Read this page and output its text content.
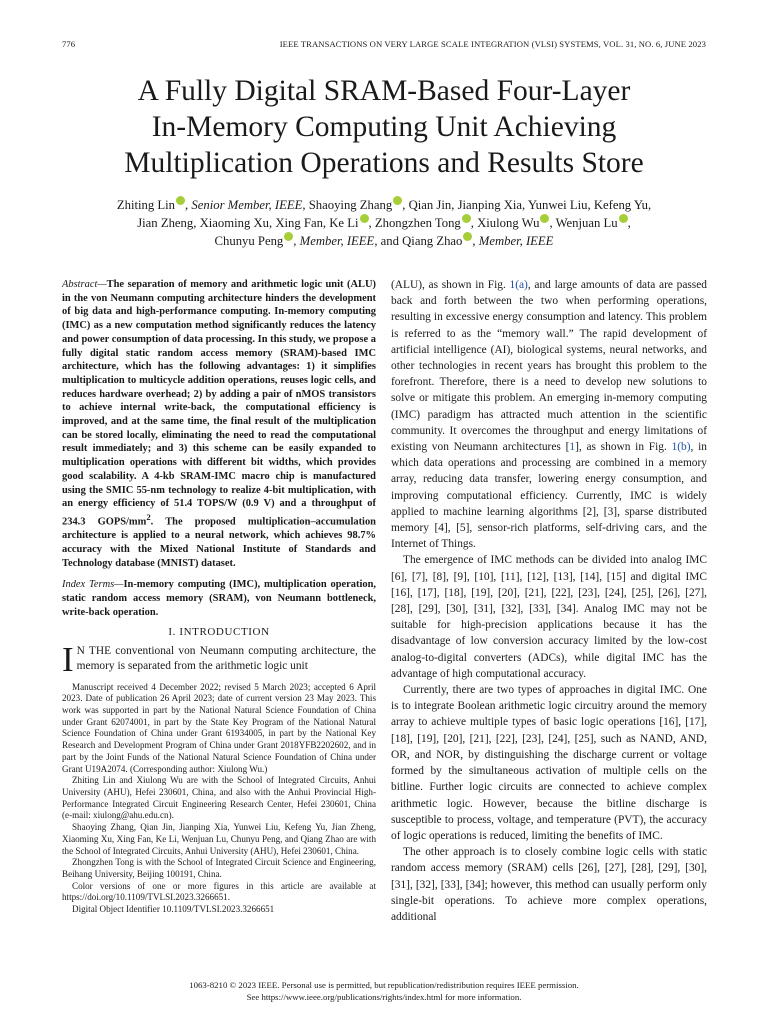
776	IEEE TRANSACTIONS ON VERY LARGE SCALE INTEGRATION (VLSI) SYSTEMS, VOL. 31, NO. 6, JUNE 2023
A Fully Digital SRAM-Based Four-Layer
In-Memory Computing Unit Achieving
Multiplication Operations and Results Store
Zhiting Lin , Senior Member, IEEE, Shaoying Zhang , Qian Jin, Jianping Xia, Yunwei Liu, Kefeng Yu,
Jian Zheng, Xiaoming Xu, Xing Fan, Ke Li , Zhongzhen Tong , Xiulong Wu , Wenjuan Lu ,
Chunyu Peng , Member, IEEE, and Qiang Zhao , Member, IEEE
Abstract—The separation of memory and arithmetic logic unit (ALU) in the von Neumann computing architecture hinders the development of big data and high-performance computing. In-memory computing (IMC) as a new computation method significantly reduces the latency and power consumption of data processing. In this study, we propose a fully digital static random access memory (SRAM)-based IMC architecture, which has the following advantages: 1) it simplifies multiplication to multicycle addition operations, reuses logic cells, and reduces hardware overhead; 2) by adding a pair of nMOS transistors to achieve internal write-back, the computational efficiency is improved, and at the same time, the final result of the multiplication can be stored locally, eliminating the need to read the computational result immediately; and 3) this scheme can be easily expanded to multiplication operations with different bit widths, which provides good scalability. A 4-kb SRAM-IMC macro chip is manufactured using the SMIC 55-nm technology to realize 4-bit multiplication, with an energy efficiency of 51.4 TOPS/W (0.9 V) and a throughput of 234.3 GOPS/$mm^2$. The proposed multiplication–accumulation architecture is applied to a neural network, which achieves 98.7% accuracy with the Mixed National Institute of Standards and Technology database (MNIST) dataset.
Index Terms—In-memory computing (IMC), multiplication operation, static random access memory (SRAM), von Neumann bottleneck, write-back operation.
I. INTRODUCTION
I N THE conventional von Neumann computing architecture, the memory is separated from the arithmetic logic unit

Manuscript received 4 December 2022; revised 5 March 2023; accepted 6 April 2023. Date of publication 26 April 2023; date of current version 23 May 2023. This work was supported in part by the National Natural Science Foundation of China under Grant 62074001, in part by the State Key Program of the National Natural Science Foundation of China under Grant 61934005, in part by the National Key Research and Development Program of China under Grant 2018YFB2202602, and in part by the Joint Funds of the National Natural Science Foundation of China under Grant U19A2074. (Corresponding author: Xiulong Wu.)

Zhiting Lin and Xiulong Wu are with the School of Integrated Circuits, Anhui University (AHU), Hefei 230601, China, and also with the Anhui Provincial High-Performance Integrated Circuit Engineering Research Center, Hefei 230601, China (e-mail: xiulong@ahu.edu.cn).

Shaoying Zhang, Qian Jin, Jianping Xia, Yunwei Liu, Kefeng Yu, Jian Zheng, Xiaoming Xu, Xing Fan, Ke Li, Wenjuan Lu, Chunyu Peng, and Qiang Zhao are with the School of Integrated Circuits, Anhui University (AHU), Hefei 230601, China.

Zhongzhen Tong is with the School of Integrated Circuit Science and Engineering, Beihang University, Beijing 100191, China.

Color versions of one or more figures in this article are available at https://doi.org/10.1109/TVLSI.2023.3266651.

Digital Object Identifier 10.1109/TVLSI.2023.3266651

(ALU), as shown in Fig. 1(a), and large amounts of data are passed back and forth between the two when performing operations, resulting in excessive energy consumption and latency. This problem is referred to as the “memory wall.” The rapid development of artificial intelligence (AI), biological systems, neural networks, and other technologies in recent years has brought this problem to the forefront. Therefore, there is a need to develop new solutions to solve or mitigate this problem. An emerging in-memory computing (IMC) paradigm has attracted much attention in the scientific community. It overcomes the throughput and energy limitations of existing von Neumann architectures [1], as shown in Fig. 1(b), in which data operations and processing are combined in a memory array, reducing data transfer, lowering energy consumption, and improving computational efficiency. Currently, IMC is widely applied to machine learning algorithms [2], [3], sparse distributed memory [4], [5], sensor-rich platforms, self-driving cars, and the Internet of Things.

The emergence of IMC methods can be divided into analog IMC [6], [7], [8], [9], [10], [11], [12], [13], [14], [15] and digital IMC [16], [17], [18], [19], [20], [21], [22], [23], [24], [25], [26], [27], [28], [29], [30], [31], [32], [33], [34]. Analog IMC may not be suitable for high-precision applications because it has the disadvantage of low conversion accuracy limited by the low-cost analog-to-digital converters (ADCs), while digital IMC has the advantage of high computational accuracy.

Currently, there are two types of approaches in digital IMC. One is to integrate Boolean arithmetic logic circuitry around the memory array to achieve multiple types of basic logic operations [16], [17], [18], [19], [20], [21], [22], [23], [24], [25], such as NAND, AND, OR, and NOR, by distinguishing the discharge current or voltage formed by the simultaneous activation of multiple cells on the bitline. Further logic circuits are connected to achieve complex arithmetic logic. However, because the bitline discharge is susceptible to process, voltage, and temperature (PVT), the accuracy of logic operations is reduced, limiting the benefits of IMC.

The other approach is to closely combine logic cells with static random access memory (SRAM) cells [26], [27], [28], [29], [30], [31], [32], [33], [34]; however, this method can usually perform only single-bit operations. To achieve more complex operations, additional

1063-8210 © 2023 IEEE. Personal use is permitted, but republication/redistribution requires IEEE permission.
See https://www.ieee.org/publications/rights/index.html for more information.
